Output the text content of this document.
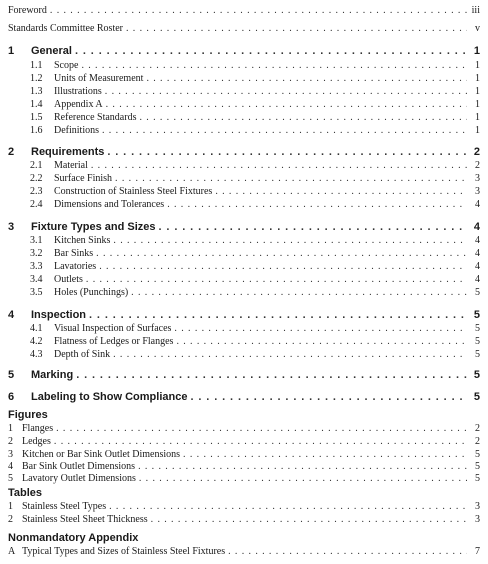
Foreword . . .	iii
Standards Committee Roster . . .	v
1	General . . .	1
1.1	Scope . . .	1
1.2	Units of Measurement . . .	1
1.3	Illustrations . . .	1
1.4	Appendix A . . .	1
1.5	Reference Standards . . .	1
1.6	Definitions . . .	1
2	Requirements . . .	2
2.1	Material . . .	2
2.2	Surface Finish . . .	3
2.3	Construction of Stainless Steel Fixtures . . .	3
2.4	Dimensions and Tolerances . . .	4
3	Fixture Types and Sizes . . .	4
3.1	Kitchen Sinks . . .	4
3.2	Bar Sinks . . .	4
3.3	Lavatories . . .	4
3.4	Outlets . . .	4
3.5	Holes (Punchings) . . .	5
4	Inspection . . .	5
4.1	Visual Inspection of Surfaces . . .	5
4.2	Flatness of Ledges or Flanges . . .	5
4.3	Depth of Sink . . .	5
5	Marking . . .	5
6	Labeling to Show Compliance . . .	5
Figures
1 Flanges . . .	2
2 Ledges . . .	2
3 Kitchen or Bar Sink Outlet Dimensions . . .	5
4 Bar Sink Outlet Dimensions . . .	5
5 Lavatory Outlet Dimensions . . .	5
Tables
1 Stainless Steel Types . . .	3
2 Stainless Steel Sheet Thickness . . .	3
Nonmandatory Appendix
A Typical Types and Sizes of Stainless Steel Fixtures . . .	7
